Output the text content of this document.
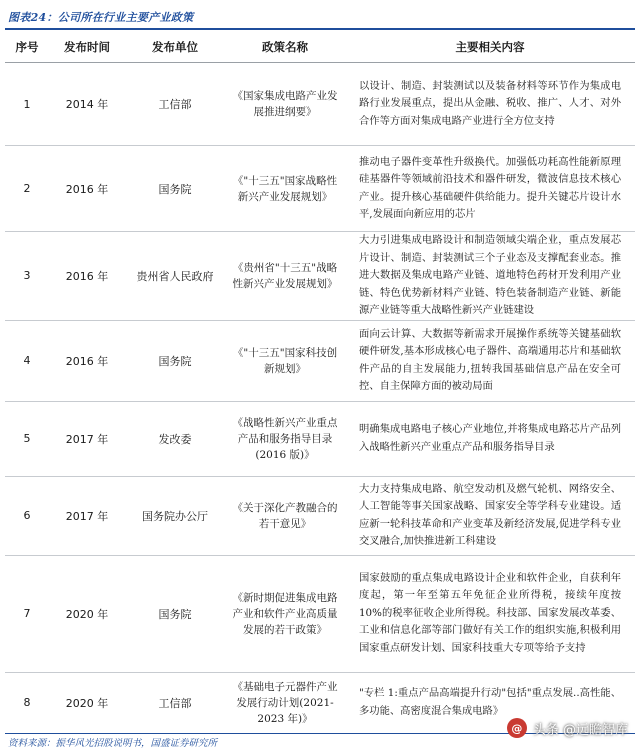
图表24：公司所在行业主要产业政策
序号	发布时间	发布单位	政策名称	主要相关内容
1	2014 年	工信部	《国家集成电路产业发展推进纲要》	以设计、制造、封装测试以及装备材料等环节作为集成电路行业发展重点，提出从金融、税收、推广、人才、对外合作等方面对集成电路产业进行全方位支持
2	2016 年	国务院	《"十三五"国家战略性新兴产业发展规划》	推动电子器件变革性升级换代。加强低功耗高性能新原理硅基器件等领域前沿技术和器件研发，微波信息技术核心产业。提升核心基础硬件供给能力。提升关键芯片设计水平,发展面向新应用的芯片
3	2016 年	贵州省人民政府	《贵州省"十三五"战略性新兴产业发展规划》	大力引进集成电路设计和制造领域尖端企业，重点发展芯片设计、制造、封装测试三个子业态及支撑配套业态。推进大数据及集成电路产业链、道地特色药材开发利用产业链、特色优势新材料产业链、特色装备制造产业链、新能源产业链等重大战略性新兴产业链建设
4	2016 年	国务院	《"十三五"国家科技创新规划》	面向云计算、大数据等新需求开展操作系统等关键基础软硬件研发,基本形成核心电子器件、高端通用芯片和基础软件产品的自主发展能力,扭转我国基础信息产品在安全可控、自主保障方面的被动局面
5	2017 年	发改委	《战略性新兴产业重点产品和服务指导目录(2016 版)》	明确集成电路电子核心产业地位,并将集成电路芯片产品列入战略性新兴产业重点产品和服务指导目录
6	2017 年	国务院办公厅	《关于深化产教融合的若干意见》	大力支持集成电路、航空发动机及燃气轮机、网络安全、人工智能等事关国家战略、国家安全等学科专业建设。适应新一轮科技革命和产业变革及新经济发展,促进学科专业交叉融合,加快推进新工科建设
7	2020 年	国务院	《新时期促进集成电路产业和软件产业高质量发展的若干政策》	国家鼓励的重点集成电路设计企业和软件企业，自获利年度起，第一年至第五年免征企业所得税，接续年度按 10%的税率征收企业所得税。科技部、国家发展改革委、工业和信息化部等部门做好有关工作的组织实施,积极利用国家重点研发计划、国家科技重大专项等给予支持
8	2020 年	工信部	《基础电子元器件产业发展行动计划(2021-2023 年)》	"专栏 1:重点产品高端提升行动"包括"重点发展..高性能、多功能、高密度混合集成电路》
资料来源：振华风光招股说明书，国盛证券研究所
@
头条 @远瞻智库
